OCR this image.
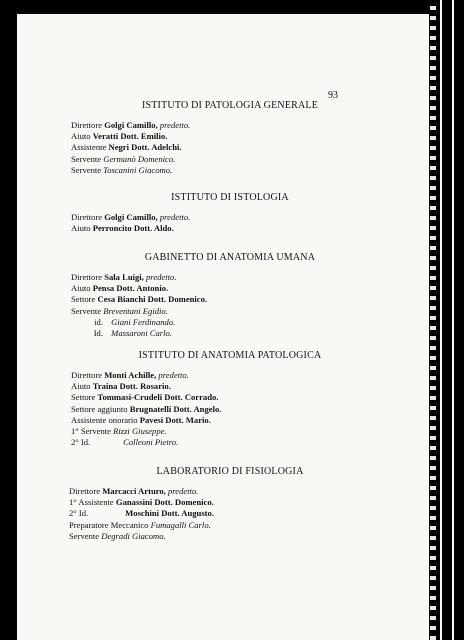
93
ISTITUTO DI PATOLOGIA GENERALE
Direttore Golgi Camillo, predetto.
Aiuto Veratti Dott. Emilio.
Assistente Negri Dott. Adelchi.
Servente Germanò Domenico.
Servente Toscanini Giacomo.
ISTITUTO DI ISTOLOGIA
Direttore Golgi Camillo, predetto.
Aiuto Perroncito Dott. Aldo.
GABINETTO DI ANATOMIA UMANA
Direttore Sala Luigi, predetto.
Aiuto Pensa Dott. Antonio.
Settore Cesa Bianchi Dott. Domenico.
Servente Breventani Egidio.
id. Giani Ferdinando.
Id. Massaroni Carlo.
ISTITUTO DI ANATOMIA PATOLOGICA
Direttore Monti Achille, predetto.
Aiuto Traina Dott. Rosario.
Settore Tommasi-Crudeli Dott. Corrado.
Settore aggiunto Brugnatelli Dott. Angelo.
Assistente onorario Pavesi Dott. Mario.
1° Servente Rizzi Giuseppe.
2° Id.	Colleoni Pietro.
LABORATORIO DI FISIOLOGIA
Direttore Marcacci Arturo, predetto.
1° Assistente Ganassini Dott. Domenico.
2° Id.	Moschini Dott. Augusto.
Preparatore Meccanico Fumagalli Carlo.
Servente Degradi Giacomo.
